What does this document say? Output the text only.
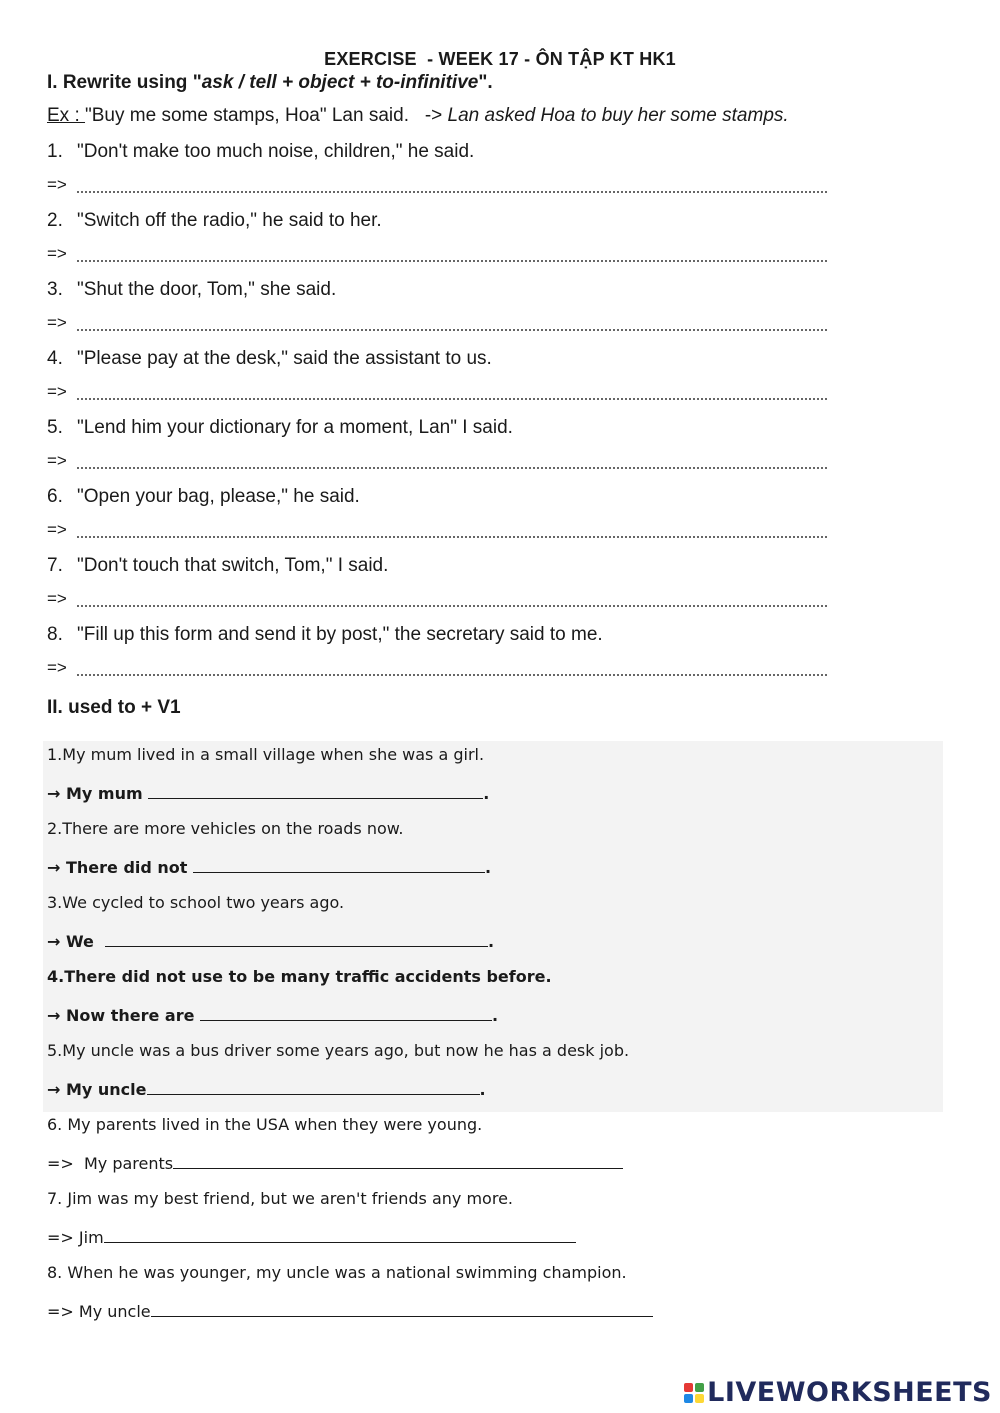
EXERCISE  - WEEK 17 - ÔN TẬP KT HK1
I. Rewrite using "ask / tell + object + to-infinitive".
Ex : "Buy me some stamps, Hoa" Lan said.   -> Lan asked Hoa to buy her some stamps.
1. "Don't make too much noise, children," he said.
=>
2. "Switch off the radio," he said to her.
=>
3. "Shut the door, Tom," she said.
=>
4. "Please pay at the desk," said the assistant to us.
=>
5. "Lend him your dictionary for a moment, Lan" I said.
=>
6. "Open your bag, please," he said.
=>
7. "Don't touch that switch, Tom," I said.
=>
8. "Fill up this form and send it by post," the secretary said to me.
=>
II. used to + V1
1.My mum lived in a small village when she was a girl.
→ My mum	.
2.There are more vehicles on the roads now.
→ There did not	.
3.We cycled to school two years ago.
→ We	.
4.There did not use to be many traffic accidents before.
→ Now there are	.
5.My uncle was a bus driver some years ago, but now he has a desk job.
→ My uncle	.
6. My parents lived in the USA when they were young.
=>  My parents
7. Jim was my best friend, but we aren't friends any more.
=> Jim
8. When he was younger, my uncle was a national swimming champion.
=> My uncle
LIVEWORKSHEETS
